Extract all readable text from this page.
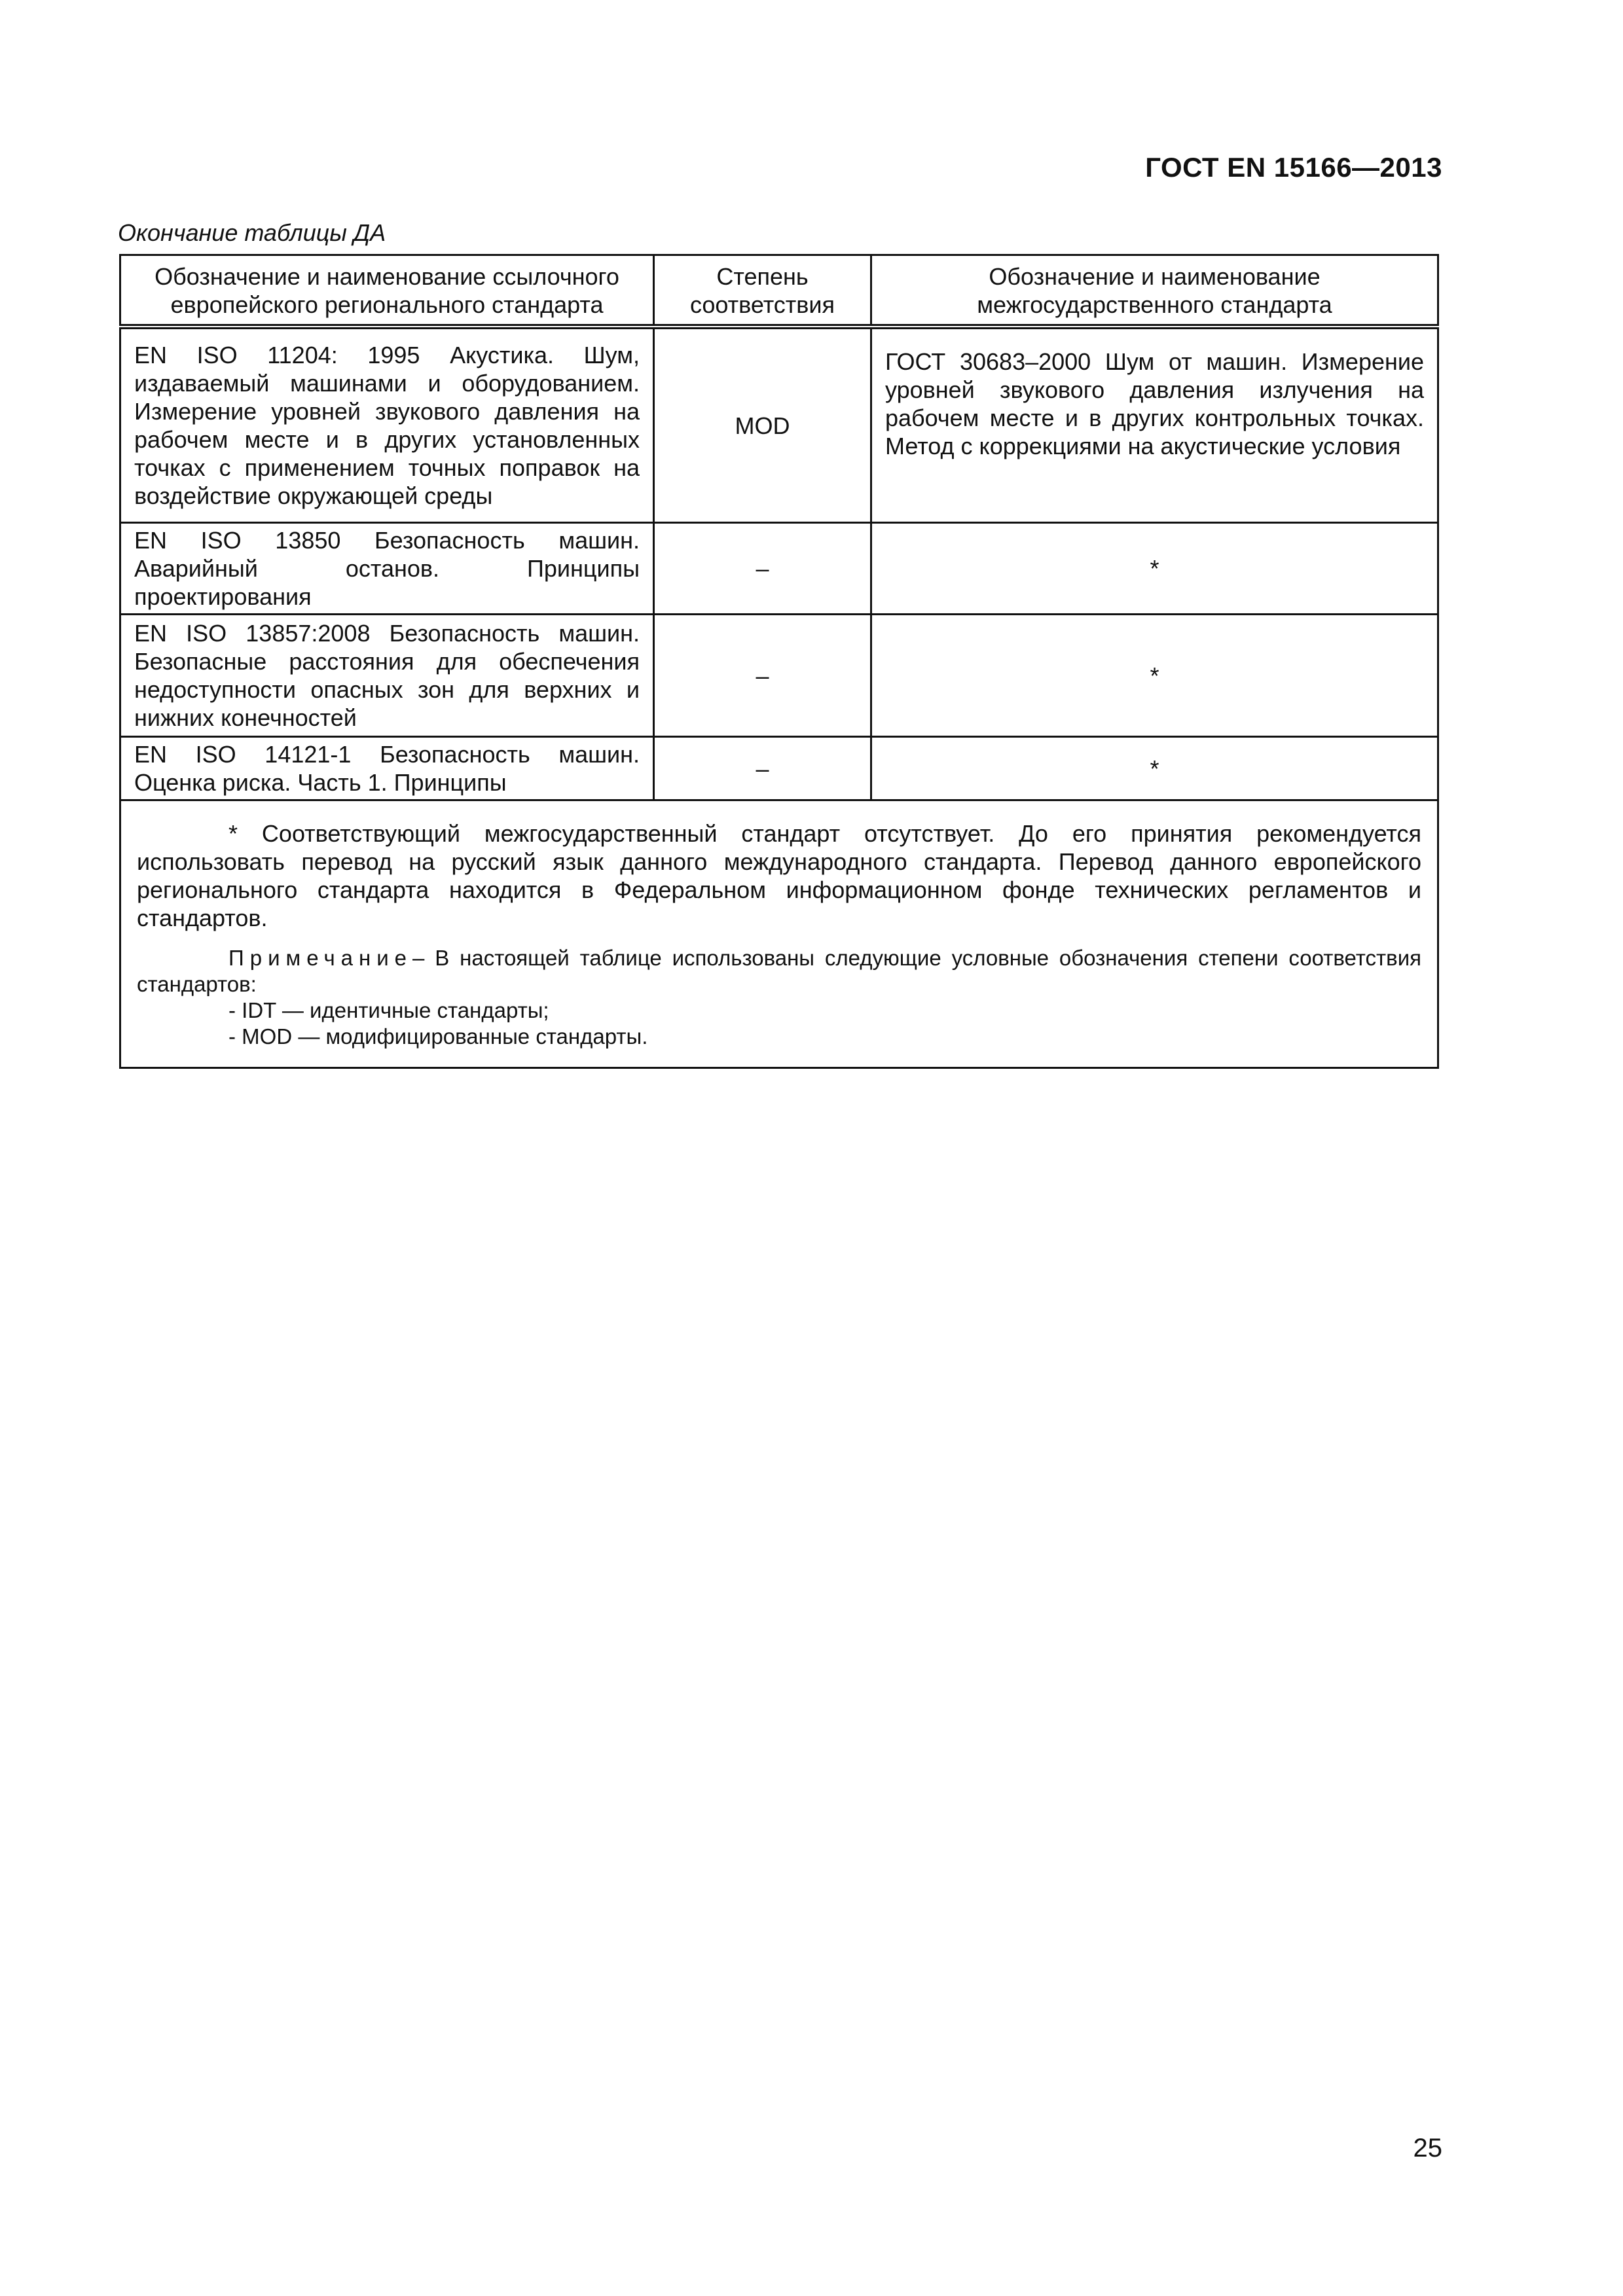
ГОСТ EN 15166—2013
Окончание таблицы ДА
Обозначение и наименование ссылочного европейского регионального стандарта	Степень соответствия	Обозначение и наименование межгосударственного стандарта
EN ISO 11204: 1995 Акустика. Шум, издаваемый машинами и оборудованием. Измерение уровней звукового давления на рабочем месте и в других установленных точках с применением точных поправок на воздействие окружающей среды	MOD	ГОСТ 30683–2000 Шум от машин. Измерение уровней звукового давления излучения на рабочем месте и в других контрольных точках. Метод с коррекциями на акустические условия
EN ISO 13850 Безопасность машин. Аварийный останов. Принципы проектирования	–	*
EN ISO 13857:2008 Безопасность машин. Безопасные расстояния для обеспечения недоступности опасных зон для верхних и нижних конечностей	–	*
EN ISO 14121-1 Безопасность машин. Оценка риска. Часть 1. Принципы	–	*

* Соответствующий межгосударственный стандарт отсутствует. До его принятия рекомендуется использовать перевод на русский язык данного международного стандарта. Перевод данного европейского регионального стандарта находится в Федеральном информационном фонде технических регламентов и стандартов.

Примечание– В настоящей таблице использованы следующие условные обозначения степени соответствия стандартов:

- IDT — идентичные стандарты;

- MOD — модифицированные стандарты.		

25
